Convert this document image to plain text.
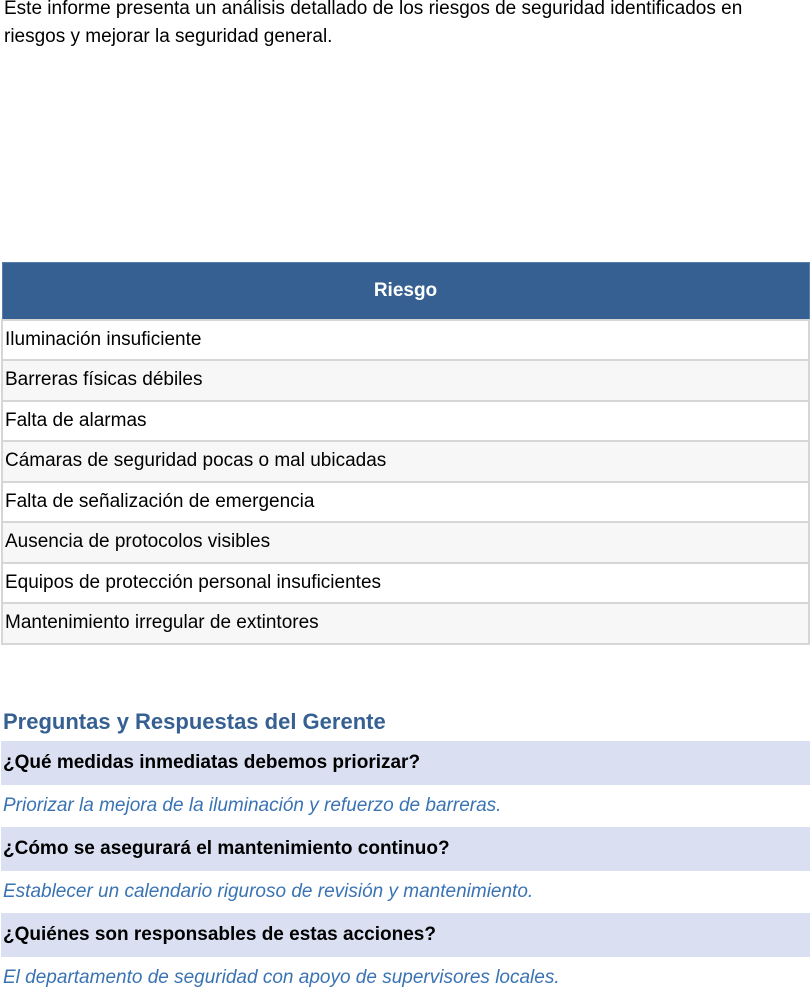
Este informe presenta un análisis detallado de los riesgos de seguridad identificados en
riesgos y mejorar la seguridad general.
Riesgo
Iluminación insuficiente
Barreras físicas débiles
Falta de alarmas
Cámaras de seguridad pocas o mal ubicadas
Falta de señalización de emergencia
Ausencia de protocolos visibles
Equipos de protección personal insuficientes
Mantenimiento irregular de extintores
Preguntas y Respuestas del Gerente
¿Qué medidas inmediatas debemos priorizar?
Priorizar la mejora de la iluminación y refuerzo de barreras.
¿Cómo se asegurará el mantenimiento continuo?
Establecer un calendario riguroso de revisión y mantenimiento.
¿Quiénes son responsables de estas acciones?
El departamento de seguridad con apoyo de supervisores locales.
